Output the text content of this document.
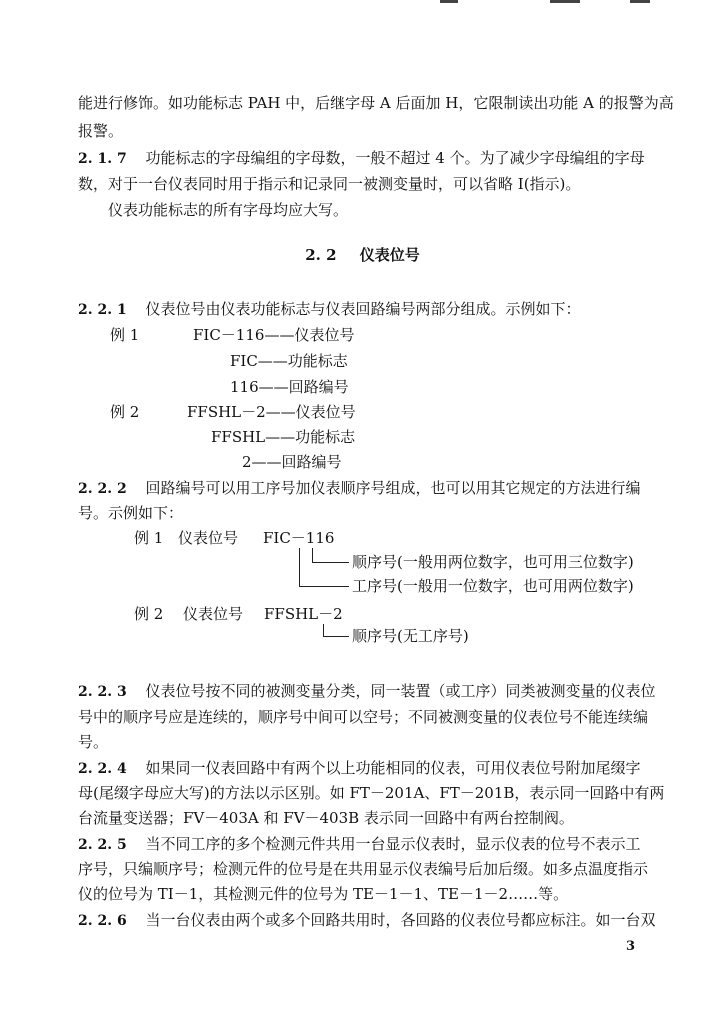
能进行修饰。如功能标志 PAH 中，后继字母 A 后面加 H，它限制读出功能 A 的报警为高
报警。
2. 1. 7 功能标志的字母编组的字母数，一般不超过 4 个。为了减少字母编组的字母
数，对于一台仪表同时用于指示和记录同一被测变量时，可以省略 I(指示)。
仪表功能标志的所有字母均应大写。
2. 2 仪表位号
2. 2. 1 仪表位号由仪表功能标志与仪表回路编号两部分组成。示例如下：
例 1	FIC－116——仪表位号
FIC——功能标志
116——回路编号
例 2	FFSHL－2——仪表位号
FFSHL——功能标志
2——回路编号
2. 2. 2 回路编号可以用工序号加仪表顺序号组成，也可以用其它规定的方法进行编
号。示例如下：
例 1 仪表位号 FIC－116
顺序号(一般用两位数字，也可用三位数字)
工序号(一般用一位数字，也可用两位数字)
例 2 仪表位号 FFSHL－2
顺序号(无工序号)
2. 2. 3 仪表位号按不同的被测变量分类，同一装置（或工序）同类被测变量的仪表位
号中的顺序号应是连续的，顺序号中间可以空号；不同被测变量的仪表位号不能连续编
号。
2. 2. 4 如果同一仪表回路中有两个以上功能相同的仪表，可用仪表位号附加尾缀字
母(尾缀字母应大写)的方法以示区别。如 FT－201A、FT－201B，表示同一回路中有两
台流量变送器；FV－403A 和 FV－403B 表示同一回路中有两台控制阀。
2. 2. 5 当不同工序的多个检测元件共用一台显示仪表时，显示仪表的位号不表示工
序号，只编顺序号；检测元件的位号是在共用显示仪表编号后加后缀。如多点温度指示
仪的位号为 TI－1，其检测元件的位号为 TE－1－1、TE－1－2……等。
2. 2. 6 当一台仪表由两个或多个回路共用时，各回路的仪表位号都应标注。如一台双
3
